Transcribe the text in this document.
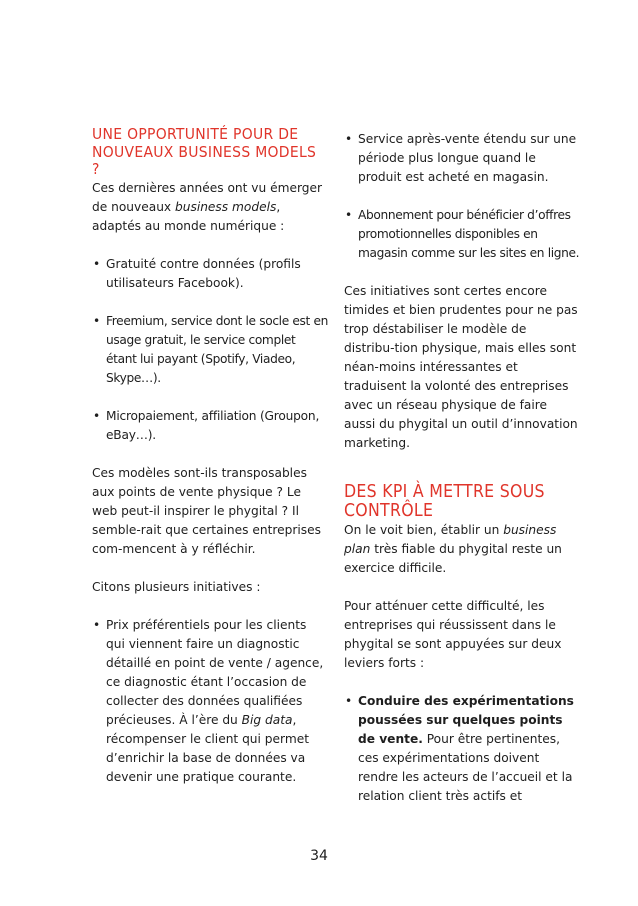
UNE OPPORTUNITÉ POUR DE NOUVEAUX BUSINESS MODELS ?

Ces dernières années ont vu émerger de nouveaux business models, adaptés au monde numérique :

• Gratuité contre données (profils utilisateurs Facebook).
• Freemium, service dont le socle est en usage gratuit, le service complet étant lui payant (Spotify, Viadeo, Skype…).
• Micropaiement, affiliation (Groupon, eBay…).

Ces modèles sont-ils transposables aux points de vente physique ? Le web peut-il inspirer le phygital ? Il semble-rait que certaines entreprises com-mencent à y réfléchir.

Citons plusieurs initiatives :

• Prix préférentiels pour les clients qui viennent faire un diagnostic détaillé en point de vente / agence, ce diagnostic étant l’occasion de collecter des données qualifiées précieuses. À l’ère du Big data, récompenser le client qui permet d’enrichir la base de données va devenir une pratique courante.
• Service après-vente étendu sur une période plus longue quand le produit est acheté en magasin.
• Abonnement pour bénéficier d’offres promotionnelles disponibles en magasin comme sur les sites en ligne.

Ces initiatives sont certes encore timides et bien prudentes pour ne pas trop déstabiliser le modèle de distribu-tion physique, mais elles sont néan-moins intéressantes et traduisent la volonté des entreprises avec un réseau physique de faire aussi du phygital un outil d’innovation marketing.

DES KPI À METTRE SOUS CONTRÔLE

On le voit bien, établir un business plan très fiable du phygital reste un exercice difficile.

Pour atténuer cette difficulté, les entreprises qui réussissent dans le phygital se sont appuyées sur deux leviers forts :

• Conduire des expérimentations poussées sur quelques points de vente. Pour être pertinentes, ces expérimentations doivent rendre les acteurs de l’accueil et la relation client très actifs et
34
